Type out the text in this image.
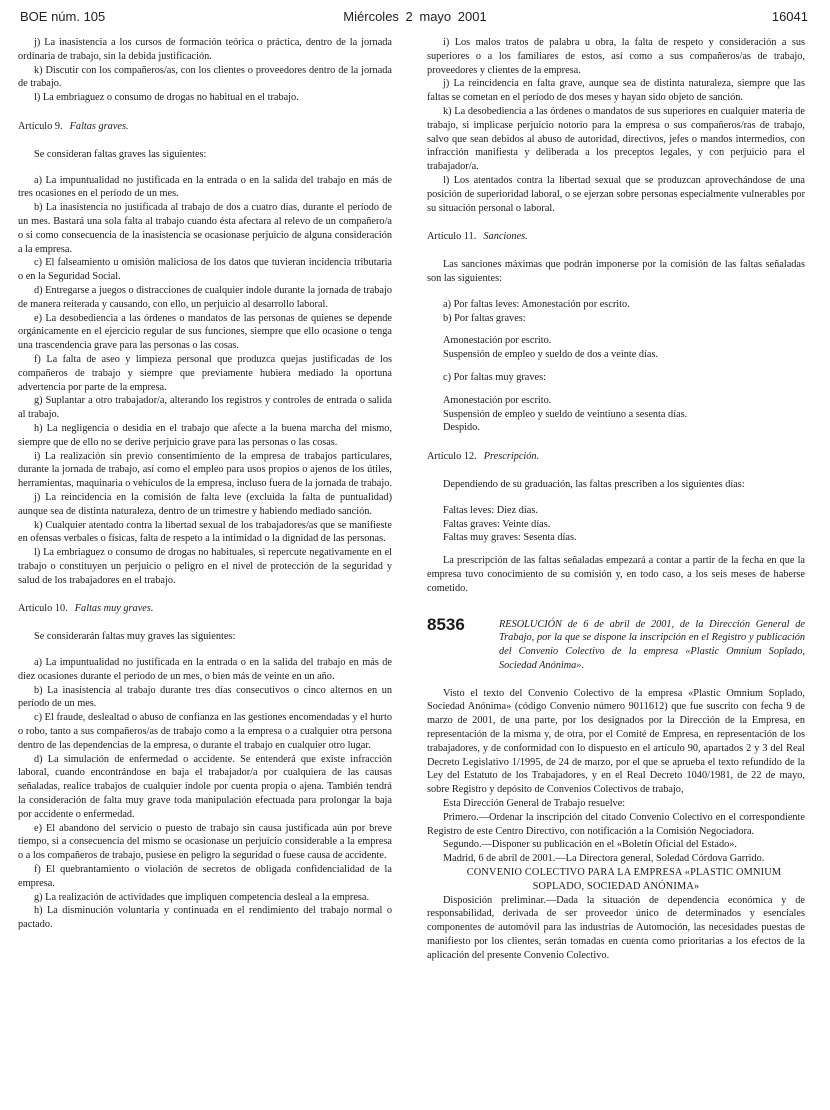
BOE núm. 105	Miércoles 2 mayo 2001	16041

j) La inasistencia a los cursos de formación teórica o práctica, dentro de la jornada ordinaria de trabajo, sin la debida justificación.

k) Discutir con los compañeros/as, con los clientes o proveedores dentro de la jornada de trabajo.

l) La embriaguez o consumo de drogas no habitual en el trabajo.

Artículo 9. Faltas graves.

Se consideran faltas graves las siguientes:

a) La impuntualidad no justificada en la entrada o en la salida del trabajo en más de tres ocasiones en el período de un mes.

b) La inasistencia no justificada al trabajo de dos a cuatro días, durante el período de un mes. Bastará una sola falta al trabajo cuando ésta afectara al relevo de un compañero/a o si como consecuencia de la inasistencia se ocasionase perjuicio de alguna consideración a la empresa.

c) El falseamiento u omisión maliciosa de los datos que tuvieran incidencia tributaria o en la Seguridad Social.

d) Entregarse a juegos o distracciones de cualquier índole durante la jornada de trabajo de manera reiterada y causando, con ello, un perjuicio al desarrollo laboral.

e) La desobediencia a las órdenes o mandatos de las personas de quienes se depende orgánicamente en el ejercicio regular de sus funciones, siempre que ello ocasione o tenga una trascendencia grave para las personas o las cosas.

f) La falta de aseo y limpieza personal que produzca quejas justificadas de los compañeros de trabajo y siempre que previamente hubiera mediado la oportuna advertencia por parte de la empresa.

g) Suplantar a otro trabajador/a, alterando los registros y controles de entrada o salida al trabajo.

h) La negligencia o desidia en el trabajo que afecte a la buena marcha del mismo, siempre que de ello no se derive perjuicio grave para las personas o las cosas.

i) La realización sin previo consentimiento de la empresa de trabajos particulares, durante la jornada de trabajo, así como el empleo para usos propios o ajenos de los útiles, herramientas, maquinaria o vehículos de la empresa, incluso fuera de la jornada de trabajo.

j) La reincidencia en la comisión de falta leve (excluida la falta de puntualidad) aunque sea de distinta naturaleza, dentro de un trimestre y habiendo mediado sanción.

k) Cualquier atentado contra la libertad sexual de los trabajadores/as que se manifieste en ofensas verbales o físicas, falta de respeto a la intimidad o la dignidad de las personas.

l) La embriaguez o consumo de drogas no habituales, si repercute negativamente en el trabajo o constituyen un perjuicio o peligro en el nivel de protección de la seguridad y salud de los trabajadores en el trabajo.

Artículo 10. Faltas muy graves.

Se considerarán faltas muy graves las siguientes:

a) La impuntualidad no justificada en la entrada o en la salida del trabajo en más de diez ocasiones durante el período de un mes, o bien más de veinte en un año.

b) La inasistencia al trabajo durante tres días consecutivos o cinco alternos en un período de un mes.

c) El fraude, deslealtad o abuso de confianza en las gestiones encomendadas y el hurto o robo, tanto a sus compañeros/as de trabajo como a la empresa o a cualquier otra persona dentro de las dependencias de la empresa, o durante el trabajo en cualquier otro lugar.

d) La simulación de enfermedad o accidente. Se entenderá que existe infracción laboral, cuando encontrándose en baja el trabajador/a por cualquiera de las causas señaladas, realice trabajos de cualquier índole por cuenta propia o ajena. También tendrá la consideración de falta muy grave toda manipulación efectuada para prolongar la baja por accidente o enfermedad.

e) El abandono del servicio o puesto de trabajo sin causa justificada aún por breve tiempo, si a consecuencia del mismo se ocasionase un perjuicio considerable a la empresa o a los compañeros de trabajo, pusiese en peligro la seguridad o fuese causa de accidente.

f) El quebrantamiento o violación de secretos de obligada confidencialidad de la empresa.

g) La realización de actividades que impliquen competencia desleal a la empresa.

h) La disminución voluntaria y continuada en el rendimiento del trabajo normal o pactado.

i) Los malos tratos de palabra u obra, la falta de respeto y consideración a sus superiores o a los familiares de estos, así como a sus compañeros/as de trabajo, proveedores y clientes de la empresa.

j) La reincidencia en falta grave, aunque sea de distinta naturaleza, siempre que las faltas se cometan en el período de dos meses y hayan sido objeto de sanción.

k) La desobediencia a las órdenes o mandatos de sus superiores en cualquier materia de trabajo, si implicase perjuicio notorio para la empresa o sus compañeros/ras de trabajo, salvo que sean debidos al abuso de autoridad, directivos, jefes o mandos intermedios, con infracción manifiesta y deliberada a los preceptos legales, y con perjuicio para el trabajador/a.

l) Los atentados contra la libertad sexual que se produzcan aprovechándose de una posición de superioridad laboral, o se ejerzan sobre personas especialmente vulnerables por su situación personal o laboral.

Artículo 11. Sanciones.

Las sanciones máximas que podrán imponerse por la comisión de las faltas señaladas son las siguientes:

a) Por faltas leves: Amonestación por escrito.

b) Por faltas graves:

Amonestación por escrito.

Suspensión de empleo y sueldo de dos a veinte días.

c) Por faltas muy graves:

Amonestación por escrito.

Suspensión de empleo y sueldo de veintiuno a sesenta días.

Despido.

Artículo 12. Prescripción.

Dependiendo de su graduación, las faltas prescriben a los siguientes días:

Faltas leves: Diez días.

Faltas graves: Veinte días.

Faltas muy graves: Sesenta días.

La prescripción de las faltas señaladas empezará a contar a partir de la fecha en que la empresa tuvo conocimiento de su comisión y, en todo caso, a los seis meses de haberse cometido.

8536	RESOLUCIÓN de 6 de abril de 2001, de la Dirección General de Trabajo, por la que se dispone la inscripción en el Registro y publicación del Convenio Colectivo de la empresa «Plastic Omnium Soplado, Sociedad Anónima».

Visto el texto del Convenio Colectivo de la empresa «Plastic Omnium Soplado, Sociedad Anónima» (código Convenio número 9011612) que fue suscrito con fecha 9 de marzo de 2001, de una parte, por los designados por la Dirección de la Empresa, en representación de la misma y, de otra, por el Comité de Empresa, en representación de los trabajadores, y de conformidad con lo dispuesto en el artículo 90, apartados 2 y 3 del Real Decreto Legislativo 1/1995, de 24 de marzo, por el que se aprueba el texto refundido de la Ley del Estatuto de los Trabajadores, y en el Real Decreto 1040/1981, de 22 de mayo, sobre Registro y depósito de Convenios Colectivos de trabajo,

Esta Dirección General de Trabajo resuelve:

Primero.—Ordenar la inscripción del citado Convenio Colectivo en el correspondiente Registro de este Centro Directivo, con notificación a la Comisión Negociadora.

Segundo.—Disponer su publicación en el «Boletín Oficial del Estado».

Madrid, 6 de abril de 2001.—La Directora general, Soledad Córdova Garrido.

CONVENIO COLECTIVO PARA LA EMPRESA «PLASTIC OMNIUM SOPLADO, SOCIEDAD ANÓNIMA»

Disposición preliminar.—Dada la situación de dependencia económica y de responsabilidad, derivada de ser proveedor único de determinados y esenciales componentes de automóvil para las industrias de Automoción, las necesidades puestas de manifiesto por los clientes, serán tomadas en cuenta como prioritarias a los efectos de la aplicación del presente Convenio Colectivo.
